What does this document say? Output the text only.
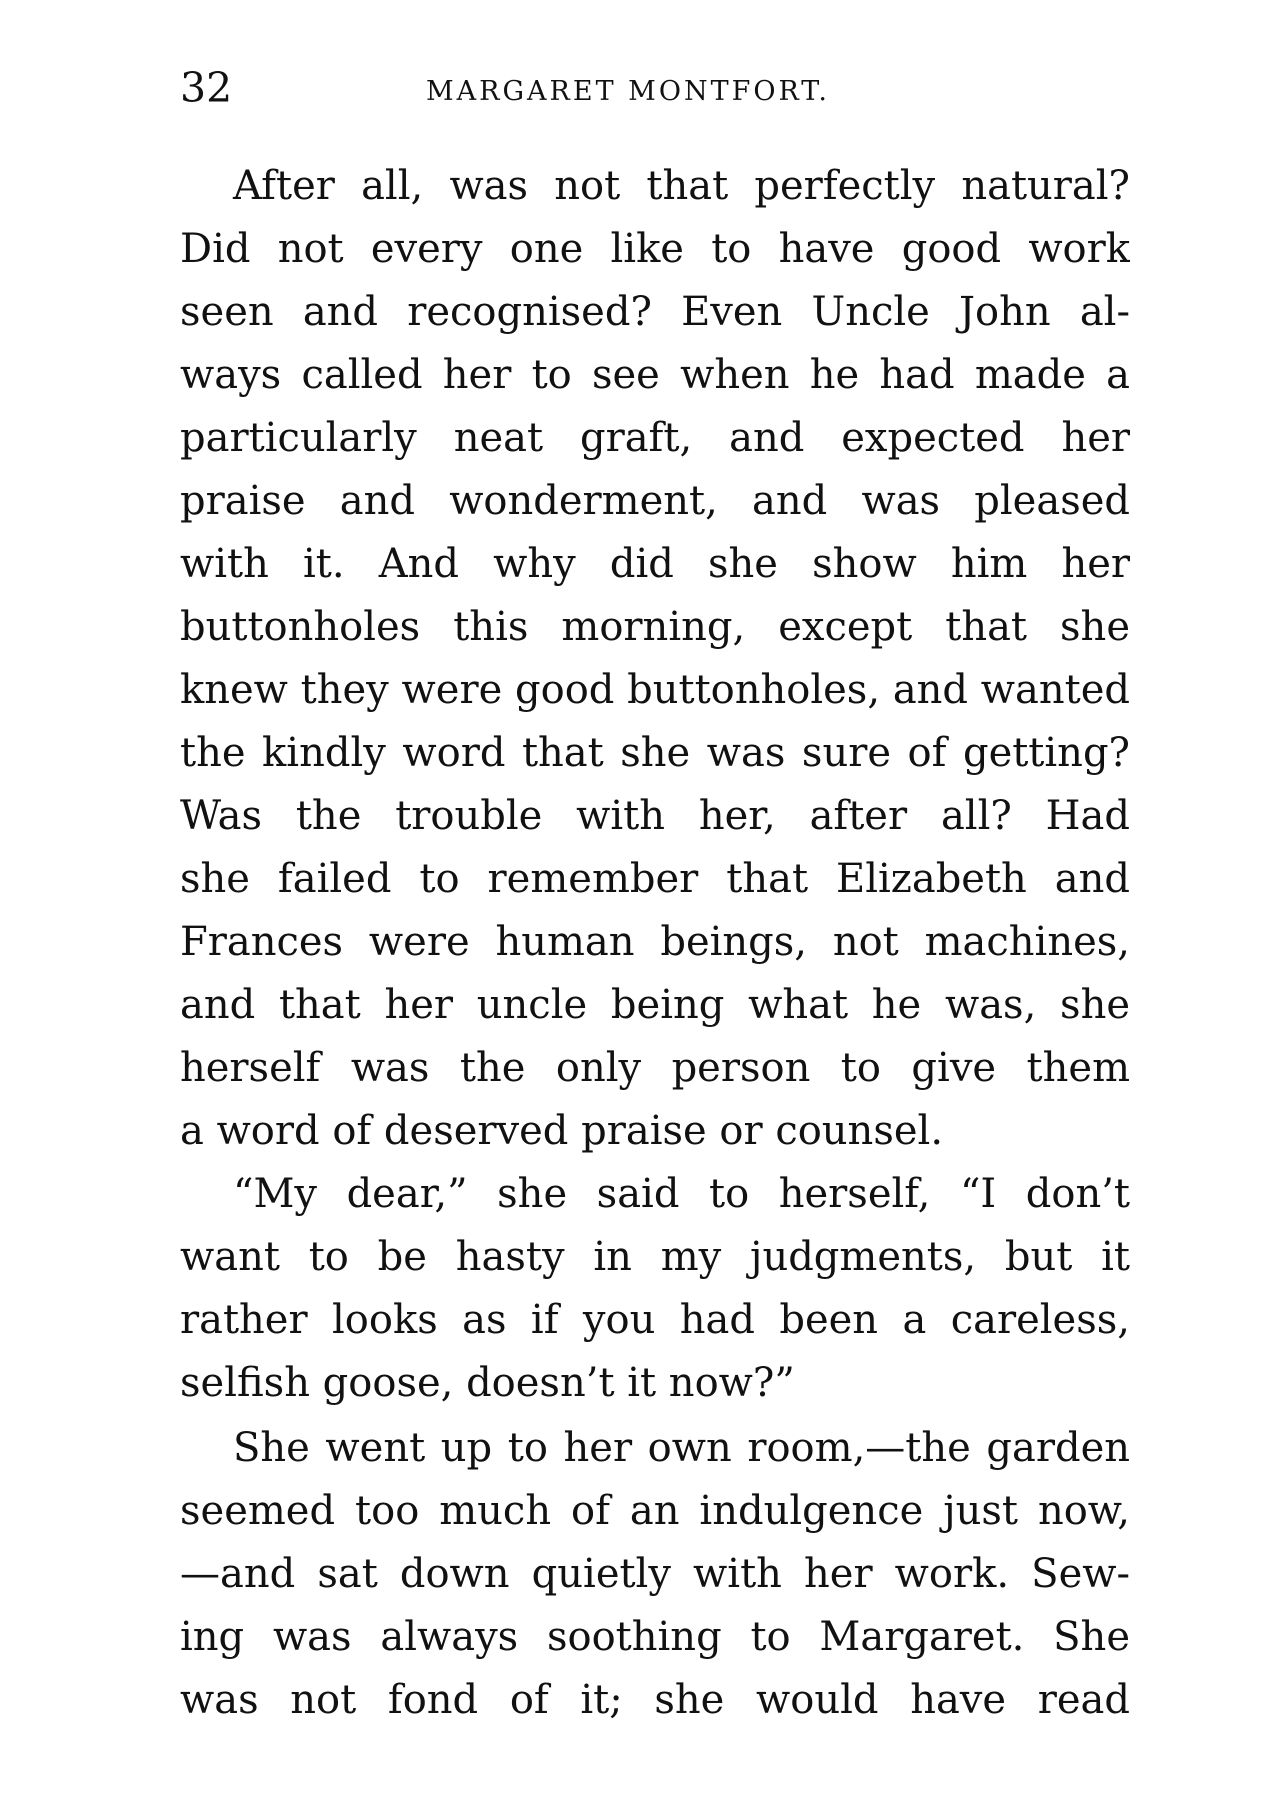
32	MARGARET MONTFORT.

After all, was not that perfectly natural?
Did not every one like to have good work
seen and recognised? Even Uncle John al-
ways called her to see when he had made a
particularly neat graft, and expected her
praise and wonderment, and was pleased
with it. And why did she show him her
buttonholes this morning, except that she
knew they were good buttonholes, and wanted
the kindly word that she was sure of getting?
Was the trouble with her, after all? Had
she failed to remember that Elizabeth and
Frances were human beings, not machines,
and that her uncle being what he was, she
herself was the only person to give them
a word of deserved praise or counsel.

“My dear,” she said to herself, “I don’t
want to be hasty in my judgments, but it
rather looks as if you had been a careless,
selfish goose, doesn’t it now?”

She went up to her own room,—the garden
seemed too much of an indulgence just now,
—and sat down quietly with her work. Sew-
ing was always soothing to Margaret. She
was not fond of it; she would have read
